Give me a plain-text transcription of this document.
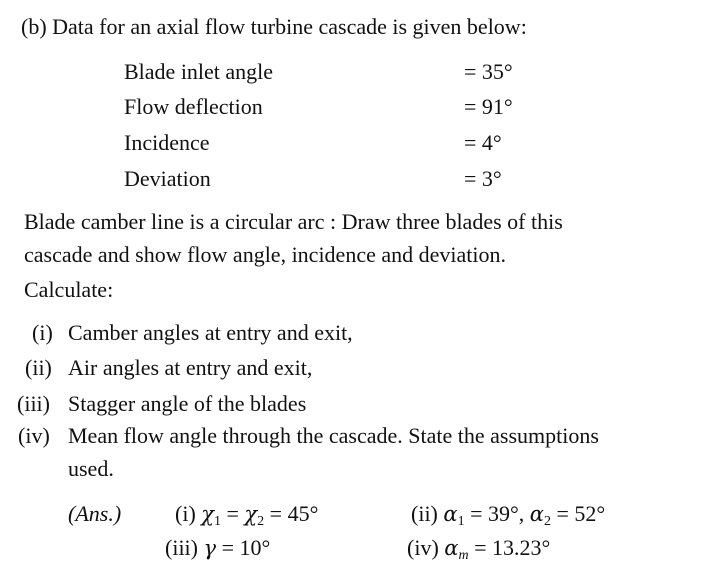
(b) Data for an axial flow turbine cascade is given below:
Blade inlet angle	= 35°
Flow deflection	= 91°
Incidence	= 4°
Deviation	= 3°
Blade camber line is a circular arc : Draw three blades of this
cascade and show flow angle, incidence and deviation.
Calculate:
(i) Camber angles at entry and exit,
(ii) Air angles at entry and exit,
(iii) Stagger angle of the blades
(iv) Mean flow angle through the cascade. State the assumptions
used.
(Ans.) (i) $\chi_1 = \chi_2 = 45^\circ$	(ii) $\alpha_1 = 39^\circ$, $\alpha_2 = 52^\circ$
(iii) γ = 10°	(iv) $\alpha_m = 13.23^\circ$
